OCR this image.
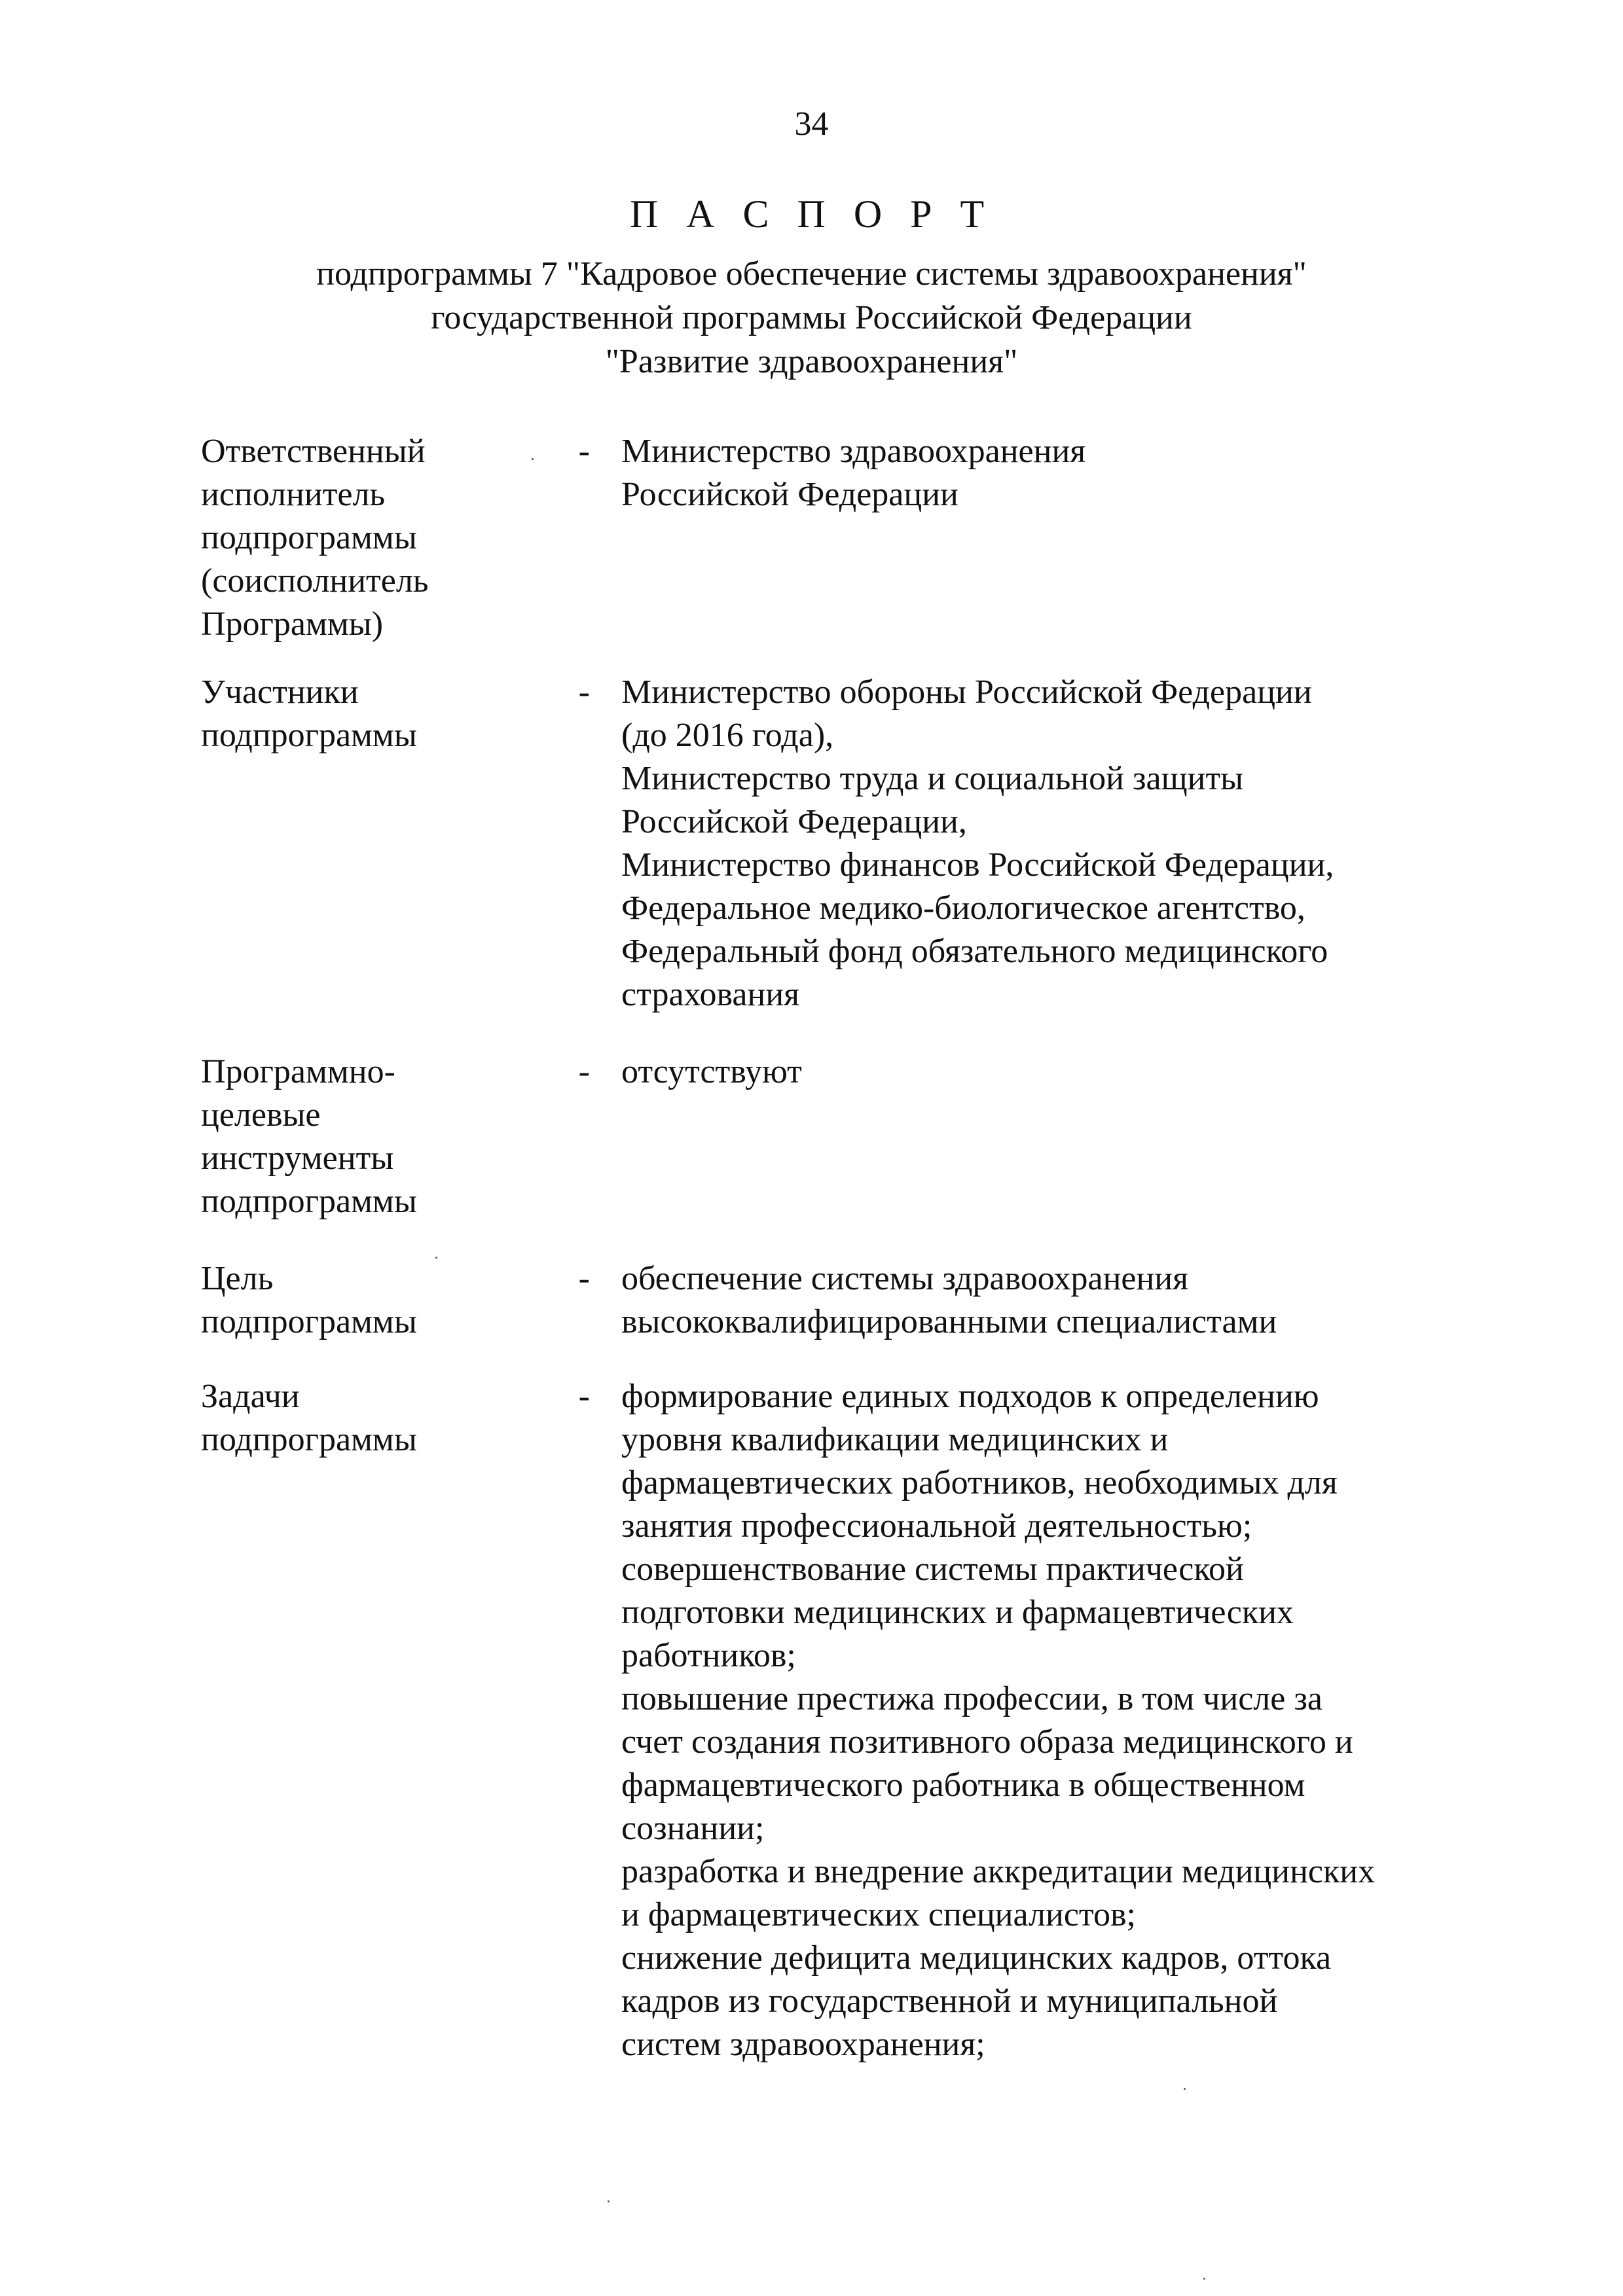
34
П А С П О Р Т
подпрограммы 7 "Кадровое обеспечение системы здравоохранения"
государственной программы Российской Федерации
"Развитие здравоохранения"
Ответственный
исполнитель
подпрограммы
(соисполнитель
Программы)
- Министерство здравоохранения
Российской Федерации
Участники
подпрограммы
- Министерство обороны Российской Федерации
(до 2016 года),
Министерство труда и социальной защиты
Российской Федерации,
Министерство финансов Российской Федерации,
Федеральное медико-биологическое агентство,
Федеральный фонд обязательного медицинского
страхования
Программно-
целевые
инструменты
подпрограммы
- отсутствуют
Цель
подпрограммы
- обеспечение системы здравоохранения
высококвалифицированными специалистами
Задачи
подпрограммы
- формирование единых подходов к определению
уровня квалификации медицинских и
фармацевтических работников, необходимых для
занятия профессиональной деятельностью;
совершенствование системы практической
подготовки медицинских и фармацевтических
работников;
повышение престижа профессии, в том числе за
счет создания позитивного образа медицинского и
фармацевтического работника в общественном
сознании;
разработка и внедрение аккредитации медицинских
и фармацевтических специалистов;
снижение дефицита медицинских кадров, оттока
кадров из государственной и муниципальной
систем здравоохранения;
